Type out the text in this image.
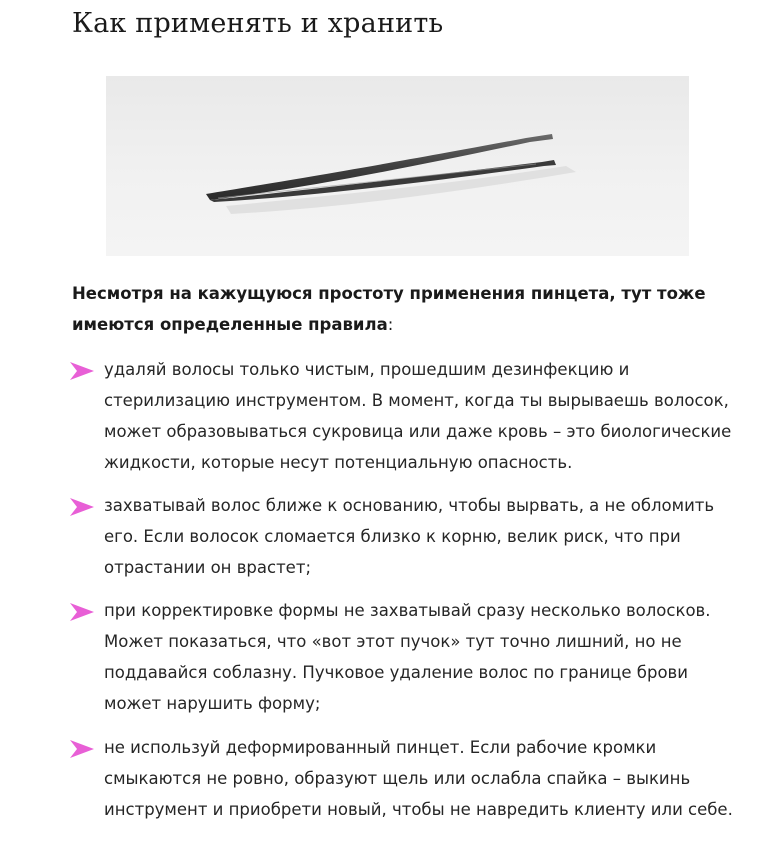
Как применять и хранить

Несмотря на кажущуюся простоту применения пинцета, тут тоже имеются определенные правила:

удаляй волосы только чистым, прошедшим дезинфекцию и стерилизацию инструментом. В момент, когда ты вырываешь волосок, может образовываться сукровица или даже кровь – это биологические жидкости, которые несут потенциальную опасность.

захватывай волос ближе к основанию, чтобы вырвать, а не обломить его. Если волосок сломается близко к корню, велик риск, что при отрастании он врастет;

при корректировке формы не захватывай сразу несколько волосков. Может показаться, что «вот этот пучок» тут точно лишний, но не поддавайся соблазну. Пучковое удаление волос по границе брови может нарушить форму;

не используй деформированный пинцет. Если рабочие кромки смыкаются не ровно, образуют щель или ослабла спайка – выкинь инструмент и приобрети новый, чтобы не навредить клиенту или себе.
